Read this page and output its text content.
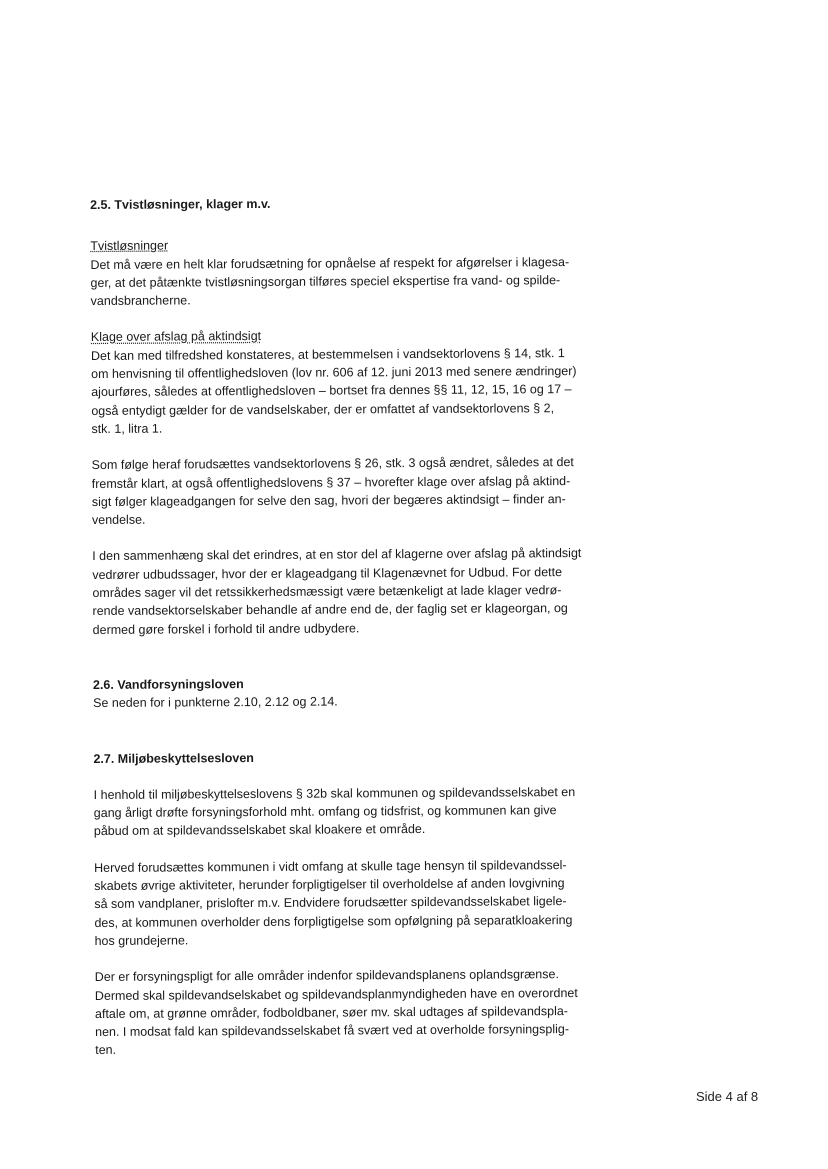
2.5. Tvistløsninger, klager m.v.

Tvistløsninger

Det må være en helt klar forudsætning for opnåelse af respekt for afgørelser i klagesa-
ger, at det påtænkte tvistløsningsorgan tilføres speciel ekspertise fra vand- og spilde-
vandsbrancherne.

Klage over afslag på aktindsigt

Det kan med tilfredshed konstateres, at bestemmelsen i vandsektorlovens § 14, stk. 1
om henvisning til offentlighedsloven (lov nr. 606 af 12. juni 2013 med senere ændringer)
ajourføres, således at offentlighedsloven – bortset fra dennes §§ 11, 12, 15, 16 og 17 –
også entydigt gælder for de vandselskaber, der er omfattet af vandsektorlovens § 2,
stk. 1, litra 1.

Som følge heraf forudsættes vandsektorlovens § 26, stk. 3 også ændret, således at det
fremstår klart, at også offentlighedslovens § 37 – hvorefter klage over afslag på aktind-
sigt følger klageadgangen for selve den sag, hvori der begæres aktindsigt – finder an-
vendelse.

I den sammenhæng skal det erindres, at en stor del af klagerne over afslag på aktindsigt
vedrører udbudssager, hvor der er klageadgang til Klagenævnet for Udbud. For dette
områdes sager vil det retssikkerhedsmæssigt være betænkeligt at lade klager vedrø-
rende vandsektorselskaber behandle af andre end de, der faglig set er klageorgan, og
dermed gøre forskel i forhold til andre udbydere.

2.6. Vandforsyningsloven

Se neden for i punkterne 2.10, 2.12 og 2.14.

2.7. Miljøbeskyttelsesloven

I henhold til miljøbeskyttelseslovens § 32b skal kommunen og spildevandsselskabet en
gang årligt drøfte forsyningsforhold mht. omfang og tidsfrist, og kommunen kan give
påbud om at spildevandsselskabet skal kloakere et område.

Herved forudsættes kommunen i vidt omfang at skulle tage hensyn til spildevandssel-
skabets øvrige aktiviteter, herunder forpligtigelser til overholdelse af anden lovgivning
så som vandplaner, prislofter m.v. Endvidere forudsætter spildevandsselskabet ligele-
des, at kommunen overholder dens forpligtigelse som opfølgning på separatkloakering
hos grundejerne.

Der er forsyningspligt for alle områder indenfor spildevandsplanens oplandsgrænse.
Dermed skal spildevandselskabet og spildevandsplanmyndigheden have en overordnet
aftale om, at grønne områder, fodboldbaner, søer mv. skal udtages af spildevandspla-
nen. I modsat fald kan spildevandsselskabet få svært ved at overholde forsyningsplig-
ten.

Side 4 af 8
